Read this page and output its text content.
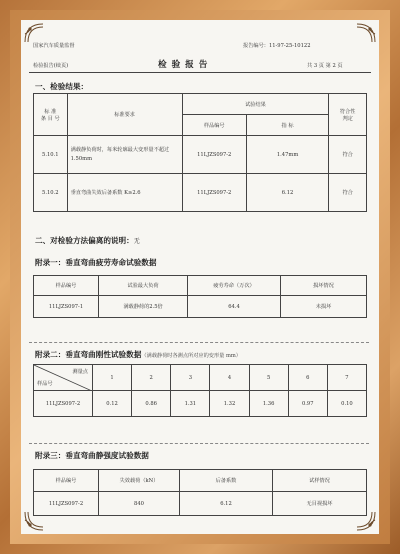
国家汽车质量监督	报告编号：11-97-25-10122
检验报告(续页)	检 验 报 告	共 3 页 第 2 页
一、检验结果：
标 准
条 目 号	标准要求	试验结果		符合性
判定
		样品编号	指 标	
5.10.1	满载静负荷时，每米轮廓最大变形量不超过1.50mm	11LJZS097-2	1.47mm	符合
5.10.2	垂直弯曲失效后备系数 K≥2.6	11LJZS097-2	6.12	符合
二、对检验方法偏离的说明：无
附录一：垂直弯曲疲劳寿命试验数据
样品编号	试验最大负荷	疲劳寿命（万次）	损坏情况
11LJZS097-1	满载静荷的2.5倍	64.4	未损坏
附录二：垂直弯曲刚性试验数据（满载静荷时各测点所对应的变形量 mm）
测量点
样品号	1	2	3	4	5	6	7
11LJZS097-2	0.12	0.86	1.31	1.32	1.36	0.97	0.10
附录三：垂直弯曲静强度试验数据
样品编号	失效载荷（kN）	后备系数	试样情况
11LJZS097-2	840	6.12	无目视损坏
